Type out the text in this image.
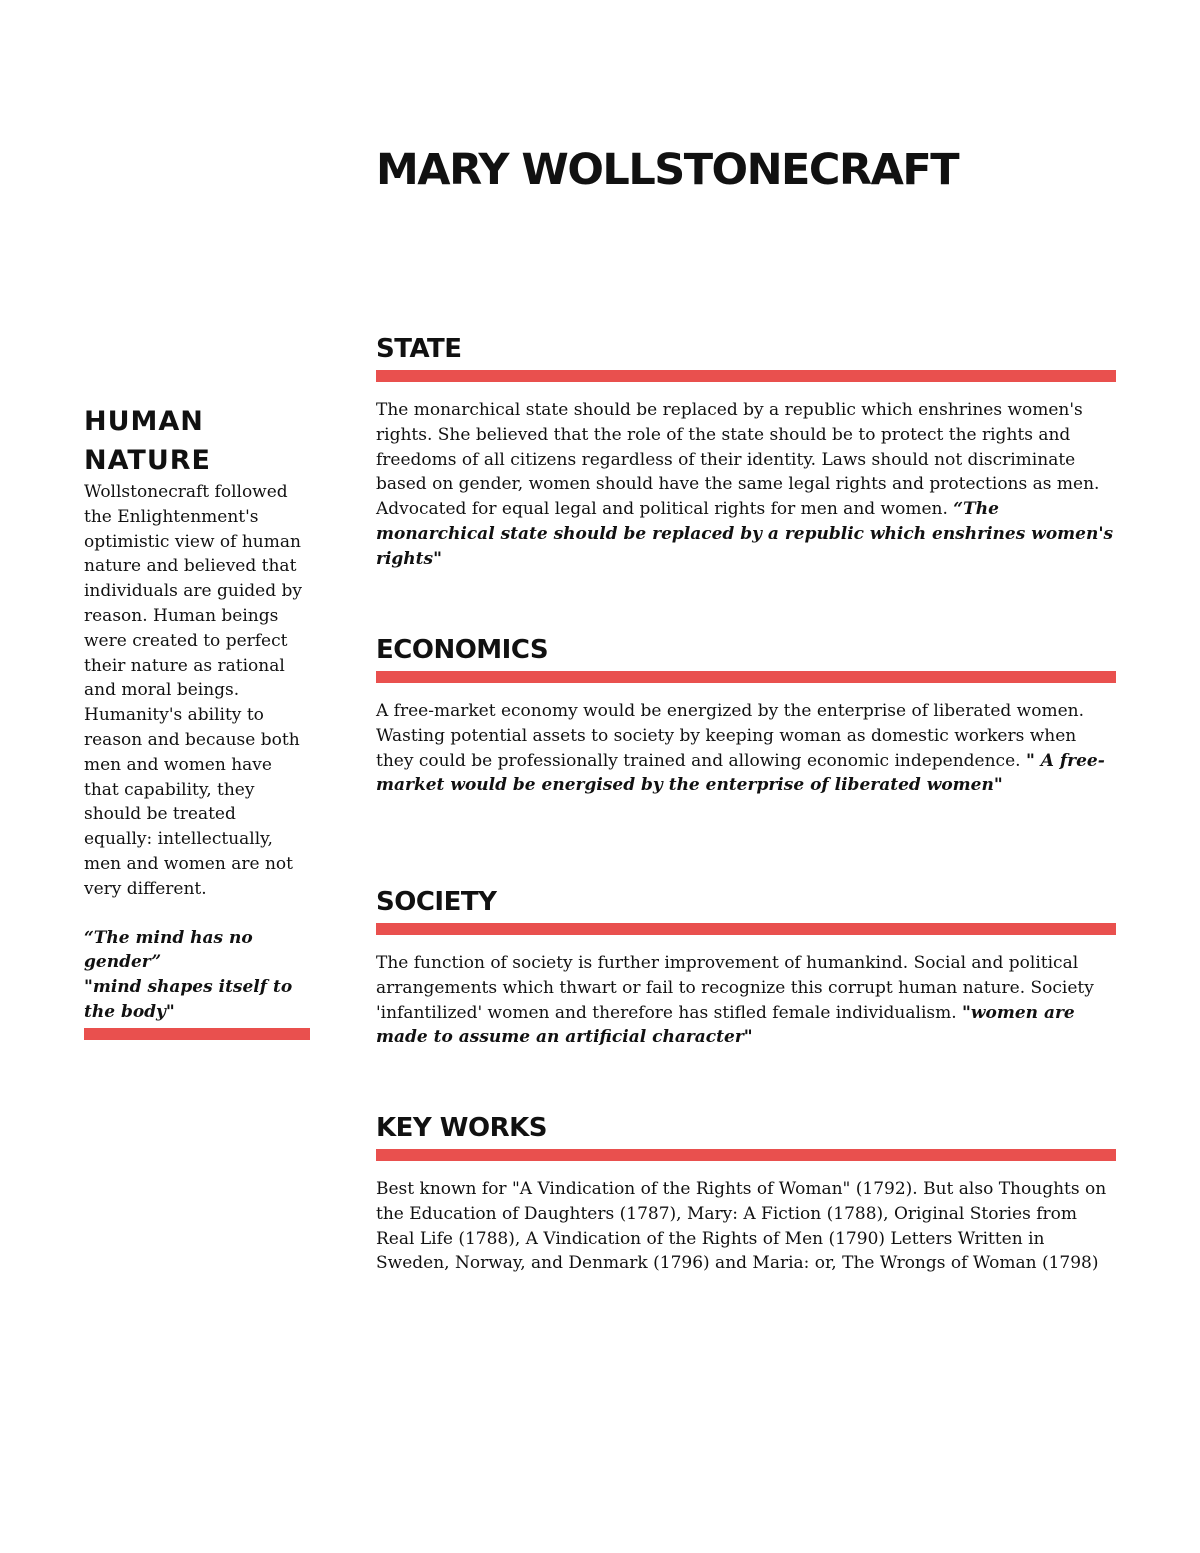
MARY WOLLSTONECRAFT
HUMAN NATURE

Wollstonecraft followed the Enlightenment's optimistic view of human nature and believed that individuals are guided by reason. Human beings were created to perfect their nature as rational and moral beings. Humanity's ability to reason and because both men and women have that capability, they should be treated equally: intellectually, men and women are not very different.

“The mind has no gender”
"mind shapes itself to the body"
STATE

The monarchical state should be replaced by a republic which enshrines women's rights. She believed that the role of the state should be to protect the rights and freedoms of all citizens regardless of their identity. Laws should not discriminate based on gender, women should have the same legal rights and protections as men. Advocated for equal legal and political rights for men and women. “The monarchical state should be replaced by a republic which enshrines women's rights"

ECONOMICS

A free-market economy would be energized by the enterprise of liberated women. Wasting potential assets to society by keeping woman as domestic workers when they could be professionally trained and allowing economic independence. " A free-market would be energised by the enterprise of liberated women"

SOCIETY

The function of society is further improvement of humankind. Social and political arrangements which thwart or fail to recognize this corrupt human nature. Society 'infantilized' women and therefore has stifled female individualism. "women are made to assume an artificial character"

KEY WORKS

Best known for "A Vindication of the Rights of Woman" (1792). But also Thoughts on the Education of Daughters (1787), Mary: A Fiction (1788), Original Stories from Real Life (1788), A Vindication of the Rights of Men (1790) Letters Written in Sweden, Norway, and Denmark (1796) and Maria: or, The Wrongs of Woman (1798)
